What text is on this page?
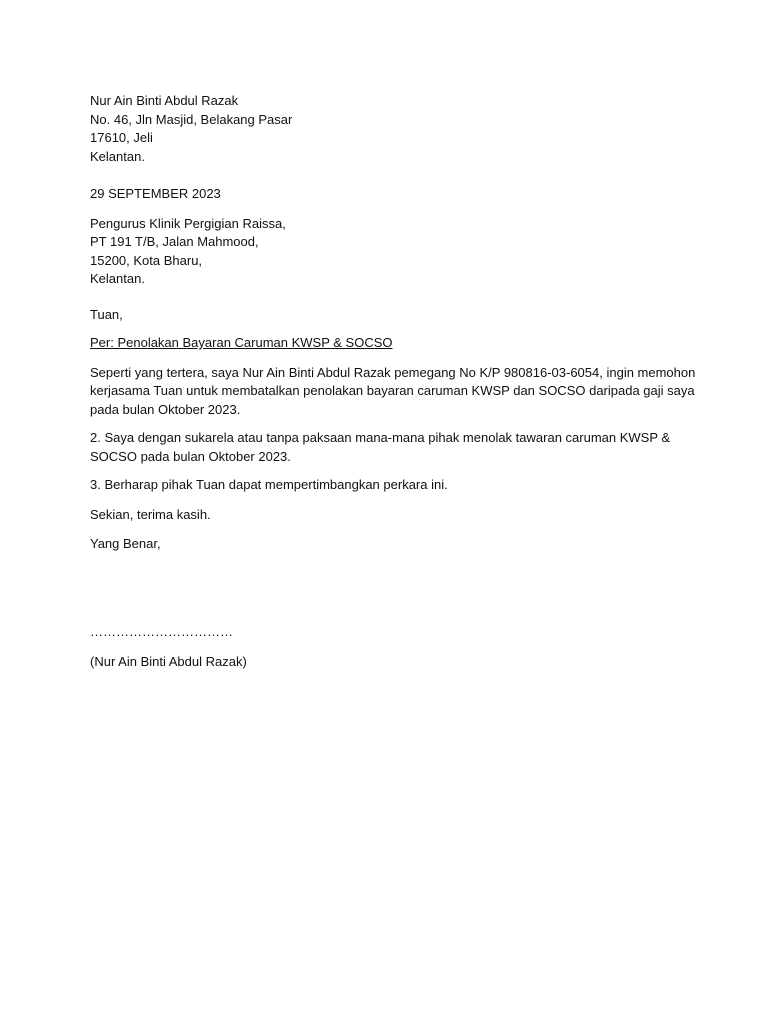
Nur Ain Binti Abdul Razak
No. 46, Jln Masjid, Belakang Pasar
17610, Jeli
Kelantan.
29 SEPTEMBER 2023
Pengurus Klinik Pergigian Raissa,
PT 191 T/B, Jalan Mahmood,
15200, Kota Bharu,
Kelantan.
Tuan,
Per: Penolakan Bayaran Caruman KWSP & SOCSO
Seperti yang tertera, saya Nur Ain Binti Abdul Razak pemegang No K/P 980816-03-6054, ingin memohon
kerjasama Tuan untuk membatalkan penolakan bayaran caruman KWSP dan SOCSO daripada gaji saya
pada bulan Oktober 2023.
2. Saya dengan sukarela atau tanpa paksaan mana-mana pihak menolak tawaran caruman KWSP &
SOCSO pada bulan Oktober 2023.
3. Berharap pihak Tuan dapat mempertimbangkan perkara ini.
Sekian, terima kasih.
Yang Benar,
……………………………
(Nur Ain Binti Abdul Razak)
